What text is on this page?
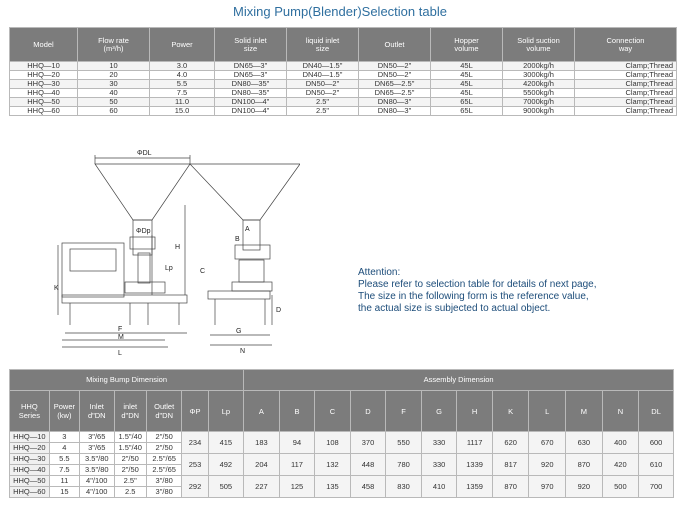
Mixing Pump(Blender)Selection table
Model	Flow rate
(m³/h)	Power	Solid inlet
size	liquid inlet
size	Outlet	Hopper
volume	Solid suction
volume	Connection
way
HHQ—10	10	3.0	DN65—3"	DN40—1.5"	DN50—2"	45L	2000kg/h	Clamp;Thread
HHQ—20	20	4.0	DN65—3"	DN40—1.5"	DN50—2"	45L	3000kg/h	Clamp;Thread
HHQ—30	30	5.5	DN80—35"	DN50—2"	DN65—2.5"	45L	4200kg/h	Clamp;Thread
HHQ—40	40	7.5	DN80—35"	DN50—2"	DN65—2.5"	45L	5500kg/h	Clamp;Thread
HHQ—50	50	11.0	DN100—4"	2.5"	DN80—3"	65L	7000kg/h	Clamp;Thread
HHQ—60	60	15.0	DN100—4"	2.5"	DN80—3"	65L	9000kg/h	Clamp;Thread
ΦDL
ΦDp
H
Lp
K
F
M
L
A
B
C
D
G
N
Attention:
Please refer to selection table for details of next page,
The size in the following form is the reference value,
the actual size is subjected to actual object.
Mixing Bump Dimension							Assembly Dimension											
HHQ
Series	Power
(kw)	Inlet
d"DN	inlet
d"DN	Outlet
d"DN	ΦP	Lp	A	B	C	D	F	G	H	K	L	M	N	DL
HHQ—10	3	3"/65	1.5"/40	2"/50	234	415	183	94	108	370	550	330	1117	620	670	630	400	600
HHQ—20	4	3"/65	1.5"/40	2"/50														
HHQ—30	5.5	3.5"/80	2"/50	2.5"/65	253	492	204	117	132	448	780	330	1339	817	920	870	420	610
HHQ—40	7.5	3.5"/80	2"/50	2.5"/65														
HHQ—50	11	4"/100	2.5"	3"/80	292	505	227	125	135	458	830	410	1359	870	970	920	500	700
HHQ—60	15	4"/100	2.5	3"/80														
